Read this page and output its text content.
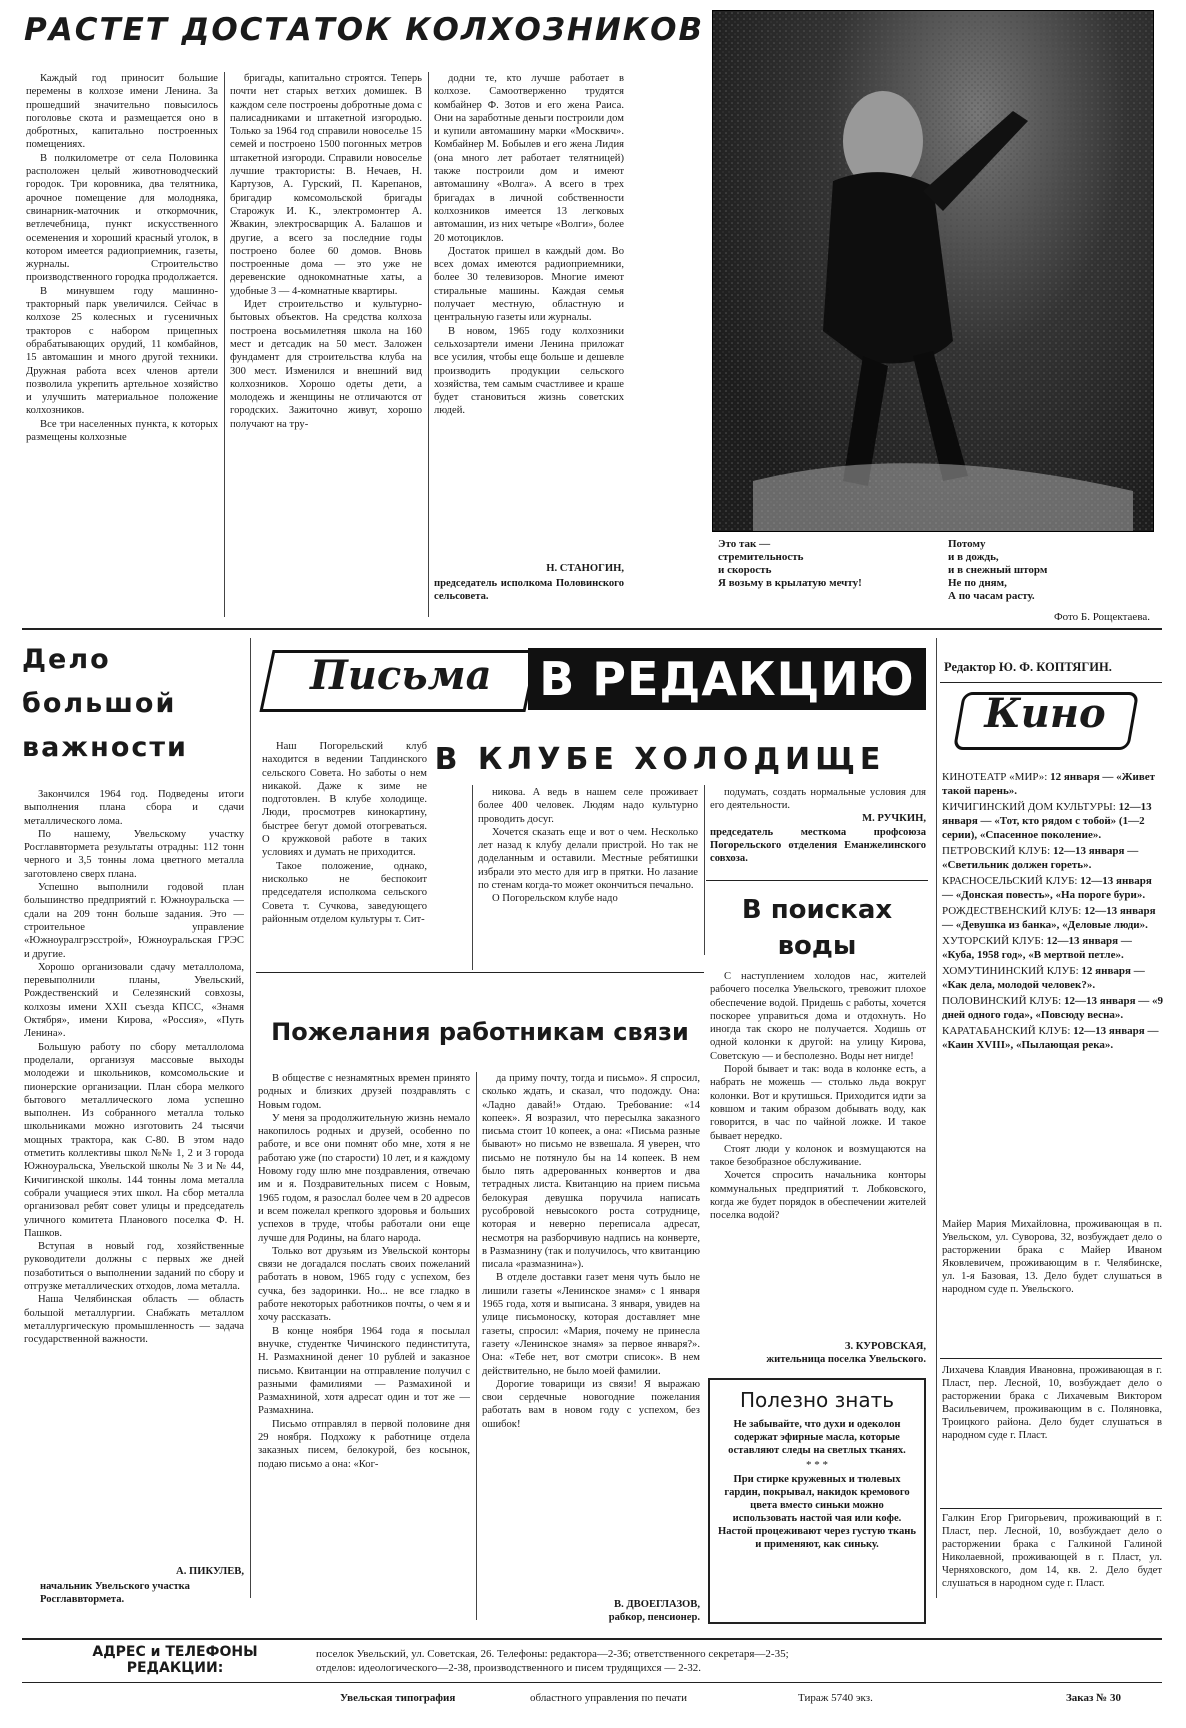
РАСТЕТ ДОСТАТОК КОЛХОЗНИКОВ

Каждый год приносит большие перемены в колхозе имени Ленина. За прошедший значительно повысилось поголовье скота и размещается оно в добротных, капитально построенных помещениях.

В полкилометре от села Половинка расположен целый животноводческий городок. Три коровника, два телятника, арочное помещение для молодняка, свинарник-маточник и откормочник, ветлечебница, пункт искусственного осеменения и хороший красный уголок, в котором имеется радиоприемник, газеты, журналы. Строительство производственного городка продолжается.

В минувшем году машинно-тракторный парк увеличился. Сейчас в колхозе 25 колесных и гусеничных тракторов с набором прицепных обрабатывающих орудий, 11 комбайнов, 15 автомашин и много другой техники. Дружная работа всех членов артели позволила укрепить артельное хозяйство и улучшить материальное положение колхозников.

Все три населенных пункта, к которых размещены колхозные

бригады, капитально строятся. Теперь почти нет старых ветхих домишек. В каждом селе построены добротные дома с палисадниками и штакетной изгородью. Только за 1964 год справили новоселье 15 семей и построено 1500 погонных метров штакетной изгороди. Справили новоселье лучшие трактористы: В. Нечаев, Н. Картузов, А. Гурский, П. Карепанов, бригадир комсомольской бригады Старожук И. К., электромонтер А. Жвакин, электросварщик А. Балашов и другие, а всего за последние годы построено более 60 домов. Вновь построенные дома — это уже не деревенские однокомнатные хаты, а удобные 3 — 4-комнатные квартиры.

Идет строительство и культурно-бытовых объектов. На средства колхоза построена восьмилетняя школа на 160 мест и детсадик на 50 мест. Заложен фундамент для строительства клуба на 300 мест. Изменился и внешний вид колхозников. Хорошо одеты дети, а молодежь и женщины не отличаются от городских. Зажиточно живут, хорошо получают на тру-

додни те, кто лучше работает в колхозе. Самоотверженно трудятся комбайнер Ф. Зотов и его жена Раиса. Они на заработные деньги построили дом и купили автомашину марки «Москвич». Комбайнер М. Бобылев и его жена Лидия (она много лет работает телятницей) также построили дом и имеют автомашину «Волга». А всего в трех бригадах в личной собственности колхозников имеется 13 легковых автомашин, из них четыре «Волги», более 20 мотоциклов.

Достаток пришел в каждый дом. Во всех домах имеются радиоприемники, более 30 телевизоров. Многие имеют стиральные машины. Каждая семья получает местную, областную и центральную газеты или журналы.

В новом, 1965 году колхозники сельхозартели имени Ленина приложат все усилия, чтобы еще больше и дешевле производить продукции сельского хозяйства, тем самым счастливее и краше будет становиться жизнь советских людей.

Н. СТАНОГИН,
председатель исполкома Половинского сельсовета.
Это так —
стремительность
и скорость
Я возьму в крылатую мечту!
Потому
и в дождь,
и в снежный шторм
Не по дням,
А по часам расту.
Фото Б. Рощектаева.
Дело
большой
важности

Закончился 1964 год. Подведены итоги выполнения плана сбора и сдачи металлического лома.

По нашему, Увельскому участку Росглаввтормета результаты отрадны: 112 тонн черного и 3,5 тонны лома цветного металла заготовлено сверх плана.

Успешно выполнили годовой план большинство предприятий г. Южноуральска — сдали на 209 тонн больше задания. Это — строительное управление «Южноуралгрэсстрой», Южноуральская ГРЭС и другие.

Хорошо организовали сдачу металлолома, перевыполнили планы, Увельский, Рождественский и Селезянский совхозы, колхозы имени XXII съезда КПСС, «Знамя Октября», имени Кирова, «Россия», «Путь Ленина».

Большую работу по сбору металлолома проделали, организуя массовые выходы молодежи и школьников, комсомольские и пионерские организации. План сбора мелкого бытового металлического лома успешно выполнен. Из собранного металла только школьниками можно изготовить 24 тысячи мощных трактора, как С-80. В этом надо отметить коллективы школ №№ 1, 2 и 3 города Южноуральска, Увельской школы № 3 и № 44, Кичигинской школы. 144 тонны лома металла собрали учащиеся этих школ. На сбор металла организовал ребят совет улицы и председатель уличного комитета Планового поселка Ф. Н. Пашков.

Вступая в новый год, хозяйственные руководители должны с первых же дней позаботиться о выполнении заданий по сбору и отгрузке металлических отходов, лома металла.

Наша Челябинская область — область большой металлургии. Снабжать металлом металлургическую промышленность — задача государственной важности.

А. ПИКУЛЕВ,
начальник Увельского участка Росглаввтормета.
Письма В РЕДАКЦИЮ	Редактор Ю. Ф. КОПТЯГИН.
Кино

КИНОТЕАТР «МИР»: 12 января — «Живет такой парень».

КИЧИГИНСКИЙ ДОМ КУЛЬТУРЫ: 12—13 января — «Тот, кто рядом с тобой» (1—2 серии), «Спасенное поколение».

ПЕТРОВСКИЙ КЛУБ: 12—13 января — «Светильник должен гореть».

КРАСНОСЕЛЬСКИЙ КЛУБ: 12—13 января — «Донская повесть», «На пороге бури».

РОЖДЕСТВЕНСКИЙ КЛУБ: 12—13 января — «Девушка из банка», «Деловые люди».

ХУТОРСКИЙ КЛУБ: 12—13 января — «Куба, 1958 год», «В мертвой петле».

ХОМУТИНИНСКИЙ КЛУБ: 12 января — «Как дела, молодой человек?».

ПОЛОВИНСКИЙ КЛУБ: 12—13 января — «9 дней одного года», «Повсюду весна».

КАРАТАБАНСКИЙ КЛУБ: 12—13 января — «Каин XVIII», «Пылающая река».

Майер Мария Михайловна, проживающая в п. Увельском, ул. Суворова, 32, возбуждает дело о расторжении брака с Майер Иваном Яковлевичем, проживающим в г. Челябинске, ул. 1-я Базовая, 13. Дело будет слушаться в народном суде п. Увельского.
Лихачева Клавдия Ивановна, проживающая в г. Пласт, пер. Лесной, 10, возбуждает дело о расторжении брака с Лихачевым Виктором Васильевичем, проживающим в с. Поляновка, Троицкого района. Дело будет слушаться в народном суде г. Пласт.
Галкин Егор Григорьевич, проживающий в г. Пласт, пер. Лесной, 10, возбуждает дело о расторжении брака с Галкиной Галиной Николаевной, проживающей в г. Пласт, ул. Черняховского, дом 14, кв. 2. Дело будет слушаться в народном суде г. Пласт.

Наш Погорельский клуб находится в ведении Тапдинского сельского Совета. Но заботы о нем никакой. Даже к зиме не подготовлен. В клубе холодище. Люди, просмотрев кинокартину, быстрее бегут домой отогреваться. О кружковой работе в таких условиях и думать не приходится.

Такое положение, однако, нисколько не беспокоит председателя исполкома сельского Совета т. Сучкова, заведующего районным отделом культуры т. Сит-

В КЛУБЕ ХОЛОДИЩЕ

никова. А ведь в нашем селе проживает более 400 человек. Людям надо культурно проводить досуг.

Хочется сказать еще и вот о чем. Несколько лет назад к клубу делали пристрой. Но так не доделанным и оставили. Местные ребятишки избрали это место для игр в прятки. Но лазание по стенам когда-то может окончиться печально.

О Погорельском клубе надо

подумать, создать нормальные условия для его деятельности.

М. РУЧКИН,
председатель месткома профсоюза Погорельского отделения Еманжелинского совхоза.
В поисках воды

С наступлением холодов нас, жителей рабочего поселка Увельского, тревожит плохое обеспечение водой. Придешь с работы, хочется поскорее управиться дома и отдохнуть. Но иногда так скоро не получается. Ходишь от одной колонки к другой: на улицу Кирова, Советскую — и бесполезно. Воды нет нигде!

Порой бывает и так: вода в колонке есть, а набрать не можешь — столько льда вокруг колонки. Вот и крутишься. Приходится идти за ковшом и таким образом добывать воду, как говорится, в час по чайной ложке. И такое бывает нередко.

Стоят люди у колонок и возмущаются на такое безобразное обслуживание.

Хочется спросить начальника конторы коммунальных предприятий т. Лобковского, когда же будет порядок в обеспечении жителей поселка водой?

З. КУРОВСКАЯ,
жительница поселка Увельского.
Пожелания работникам связи

В обществе с незнамятных времен принято родных и близких друзей поздравлять с Новым годом.

У меня за продолжительную жизнь немало накопилось родных и друзей, особенно по работе, и все они помнят обо мне, хотя я не работаю уже (по старости) 10 лет, и я каждому Новому году шлю мне поздравления, отвечаю им и я. Поздравительных писем с Новым, 1965 годом, я разослал более чем в 20 адресов и всем пожелал крепкого здоровья и больших успехов в труде, чтобы работали они еще лучше для Родины, на благо народа.

Только вот друзьям из Увельской конторы связи не догадался послать своих пожеланий работать в новом, 1965 году с успехом, без сучка, без задоринки. Но... не все гладко в работе некоторых работников почты, о чем я и хочу рассказать.

В конце ноября 1964 года я посылал внучке, студентке Чичинского пединститута, Н. Размахниной денег 10 рублей и заказное письмо. Квитанции на отправление получил с разными фамилиями — Размахиной и Размахниной, хотя адресат один и тот же — Размахнина.

Письмо отправлял в первой половине дня 29 ноября. Подхожу к работнице отдела заказных писем, белокурой, без косынок, подаю письмо а она: «Ког-

да приму почту, тогда и письмо». Я спросил, сколько ждать, и сказал, что подожду. Она: «Ладно давай!» Отдаю. Требование: «14 копеек». Я возразил, что пересылка заказного письма стоит 10 копеек, а она: «Письма разные бывают» но письмо не взвешала. Я уверен, что письмо не потянуло бы на 14 копеек. В нем было пять адрерованных конвертов и два тетрадных листа. Квитанцию на прием письма белокурая девушка поручила написать русобровой невысокого роста сотруднице, которая и неверно переписала адресат, несмотря на разборчивую надпись на конверте, в Размазнину (так и получилось, что квитанцию писала «размазнина»).

В отделе доставки газет меня чуть было не лишили газеты «Ленинское знамя» с 1 января 1965 года, хотя и выписана. 3 января, увидев на улице письмоноску, которая доставляет мне газеты, спросил: «Мария, почему не принесла газету «Ленинское знамя» за первое января?». Она: «Тебе нет, вот смотри список». В нем действительно, не было моей фамилии.

Дорогие товарищи из связи! Я выражаю свои сердечные новогодние пожелания работать вам в новом году с успехом, без ошибок!

В. ДВОЕГЛАЗОВ,
рабкор, пенсионер.
Полезно знать
Не забывайте, что духи и одеколон содержат эфирные масла, которые оставляют следы на светлых тканях.
* * *
При стирке кружевных и тюлевых гардин, покрывал, накидок кремового цвета вместо синьки можно использовать настой чая или кофе. Настой процеживают через густую ткань и применяют, как синьку.
АДРЕС и ТЕЛЕФОНЫ РЕДАКЦИИ:
поселок Увельский, ул. Советская, 26. Телефоны: редактора—2-36; ответственного секретаря—2-35;
отделов: идеологического—2-38, производственного и писем трудящихся — 2-32.
Увельская типография	областного управления по печати	Тираж 5740 экз.	Заказ № 30
